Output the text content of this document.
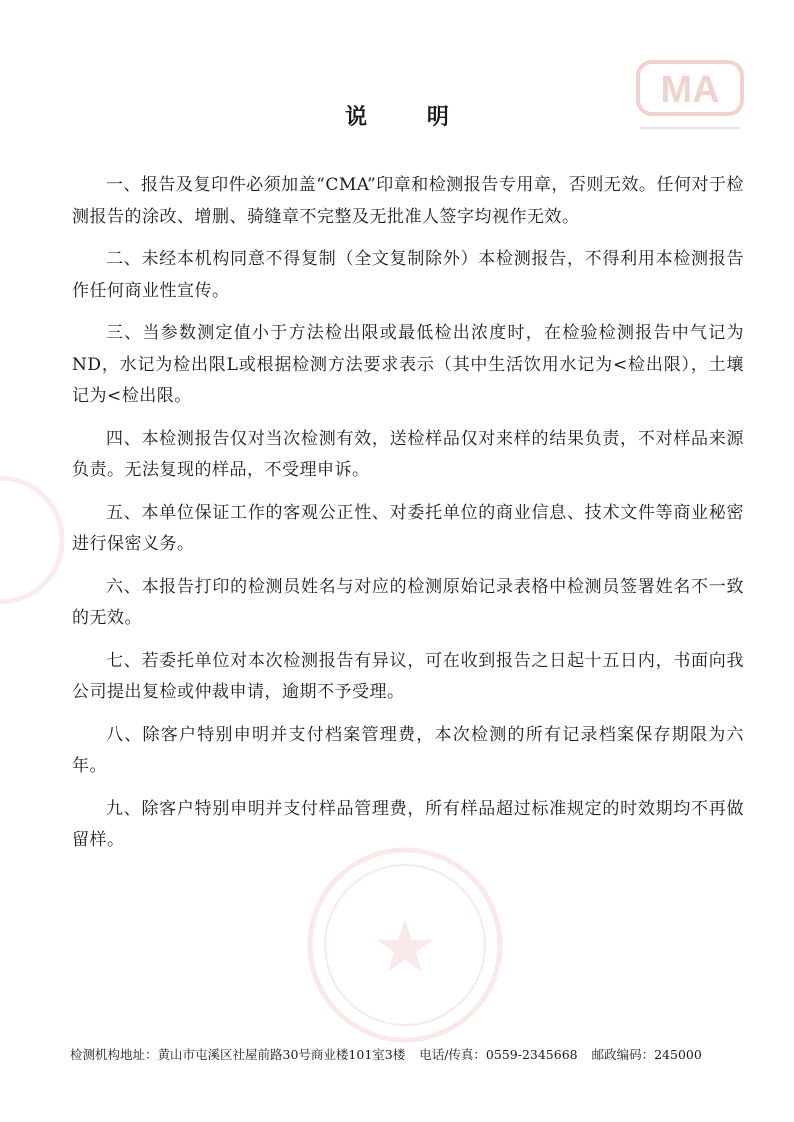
MA
说 明

一、报告及复印件必须加盖“CMA”印章和检测报告专用章，否则无效。任何对于检测报告的涂改、增删、骑缝章不完整及无批准人签字均视作无效。

二、未经本机构同意不得复制（全文复制除外）本检测报告，不得利用本检测报告作任何商业性宣传。

三、当参数测定值小于方法检出限或最低检出浓度时，在检验检测报告中气记为ND，水记为检出限L或根据检测方法要求表示（其中生活饮用水记为<检出限），土壤记为<检出限。

四、本检测报告仅对当次检测有效，送检样品仅对来样的结果负责，不对样品来源负责。无法复现的样品，不受理申诉。

五、本单位保证工作的客观公正性、对委托单位的商业信息、技术文件等商业秘密进行保密义务。

六、本报告打印的检测员姓名与对应的检测原始记录表格中检测员签署姓名不一致的无效。

七、若委托单位对本次检测报告有异议，可在收到报告之日起十五日内，书面向我公司提出复检或仲裁申请，逾期不予受理。

八、除客户特别申明并支付档案管理费，本次检测的所有记录档案保存期限为六年。

九、除客户特别申明并支付样品管理费，所有样品超过标准规定的时效期均不再做留样。

检测机构地址：黄山市屯溪区社屋前路30号商业楼101室3楼 电话/传真：0559-2345668 邮政编码：245000
